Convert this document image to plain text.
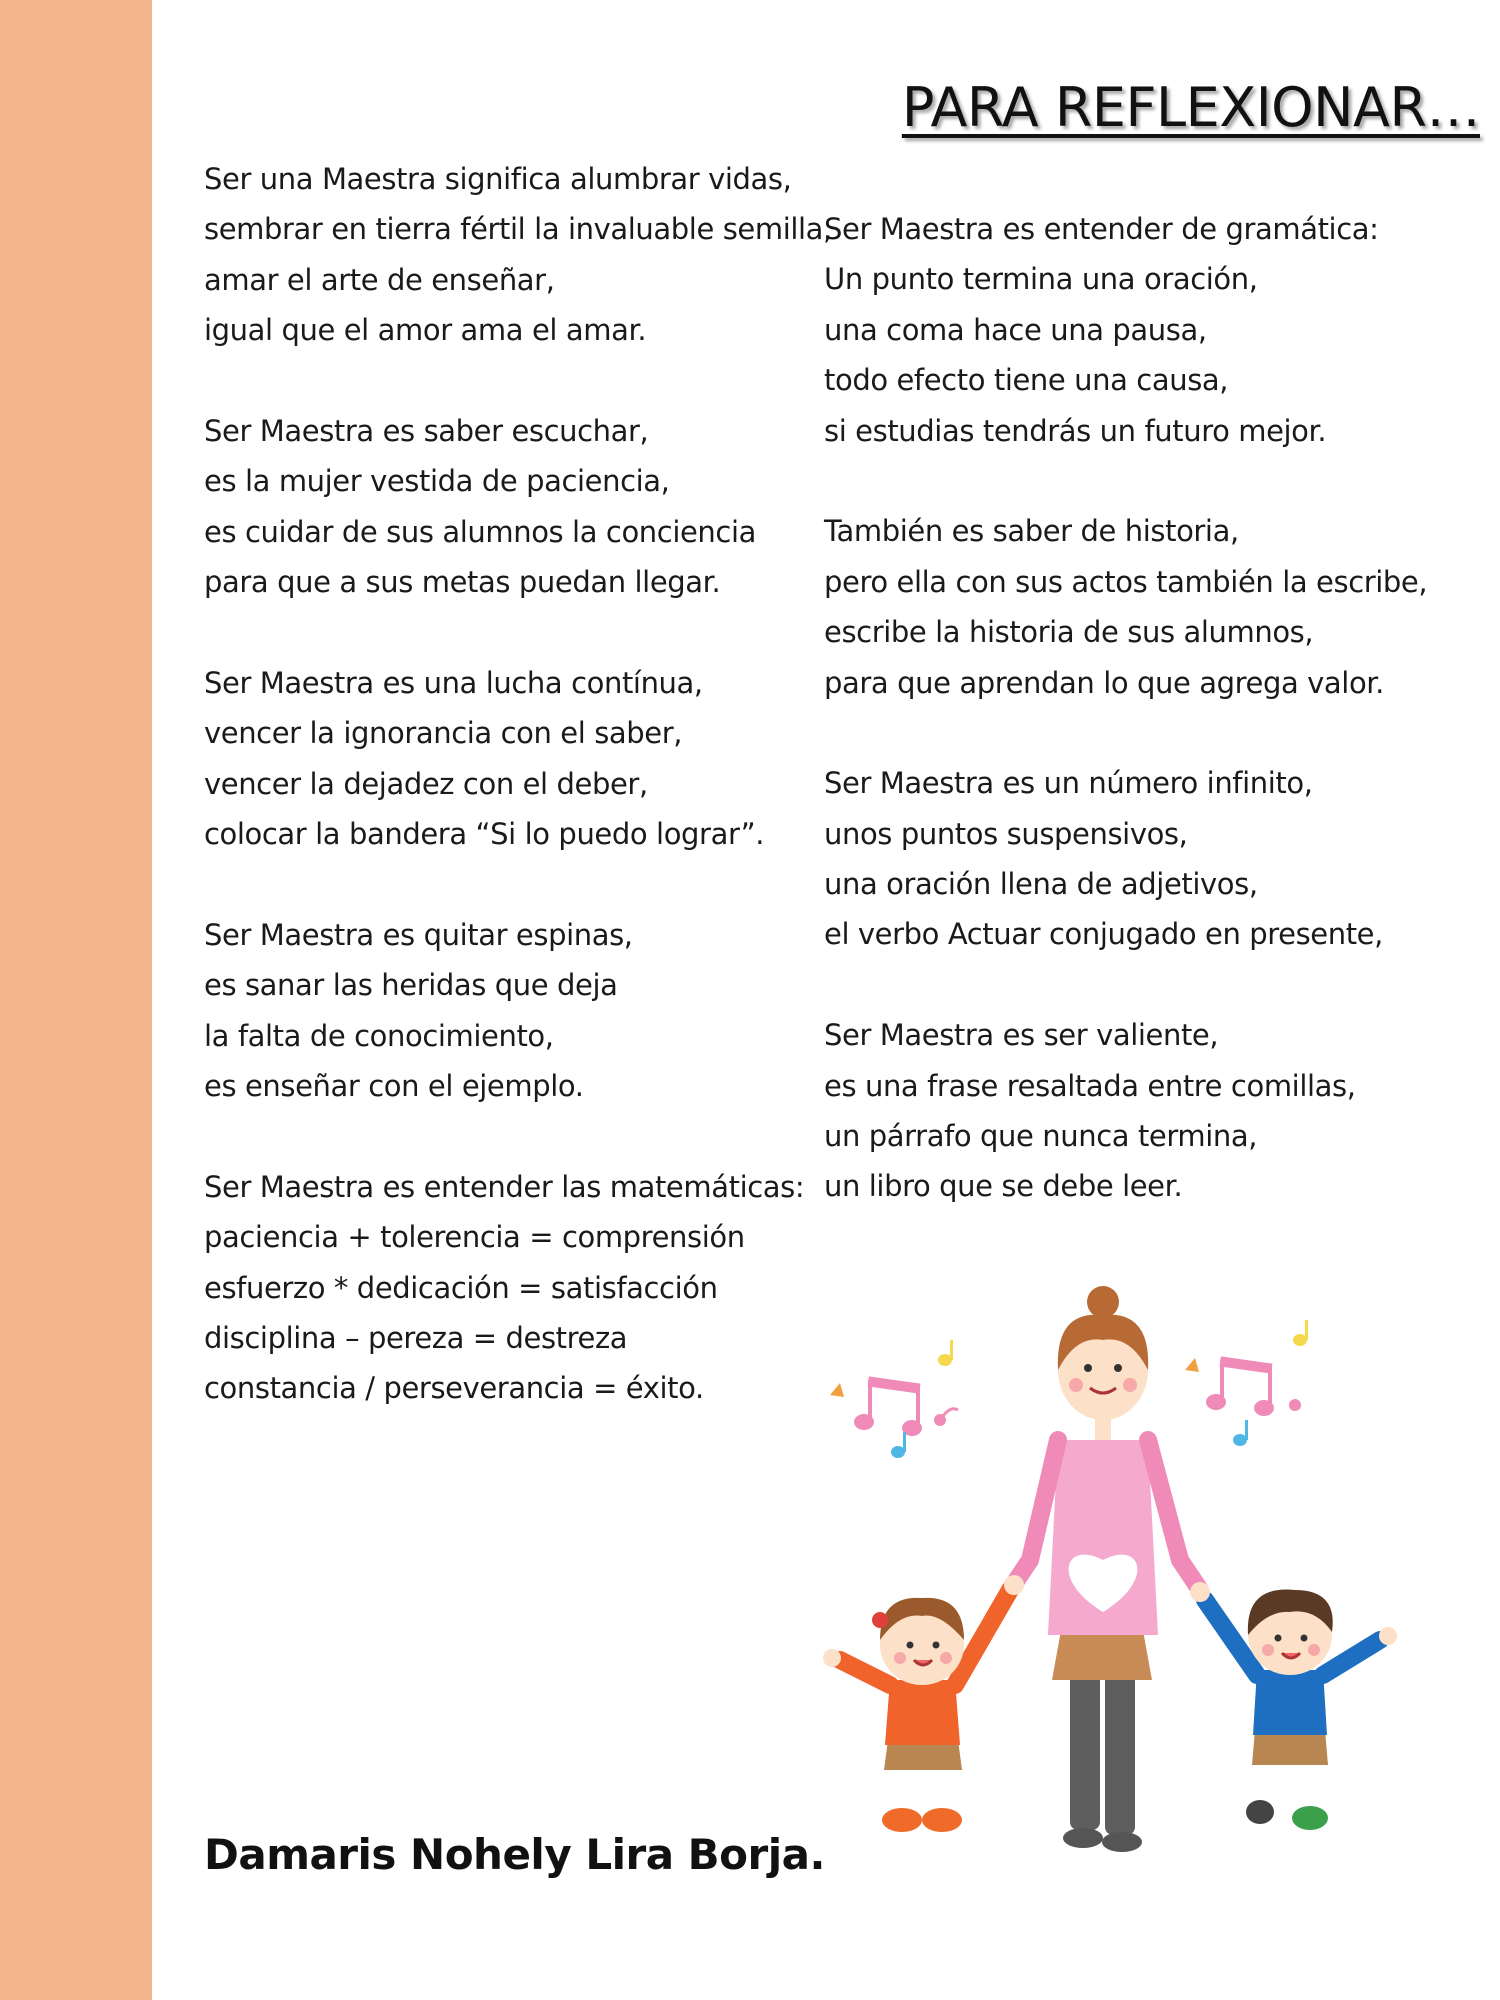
PARA REFLEXIONAR…
Ser una Maestra significa alumbrar vidas,
sembrar en tierra fértil la invaluable semilla,
amar el arte de enseñar,
igual que el amor ama el amar.
Ser Maestra es saber escuchar,
es la mujer vestida de paciencia,
es cuidar de sus alumnos la conciencia
para que a sus metas puedan llegar.
Ser Maestra es una lucha contínua,
vencer la ignorancia con el saber,
vencer la dejadez con el deber,
colocar la bandera “Si lo puedo lograr”.
Ser Maestra es quitar espinas,
es sanar las heridas que deja
la falta de conocimiento,
es enseñar con el ejemplo.
Ser Maestra es entender las matemáticas:
paciencia + tolerencia = comprensión
esfuerzo * dedicación = satisfacción
disciplina – pereza = destreza
constancia / perseverancia = éxito.
Ser Maestra es entender de gramática:
Un punto termina una oración,
una coma hace una pausa,
todo efecto tiene una causa,
si estudias tendrás un futuro mejor.
También es saber de historia,
pero ella con sus actos también la escribe,
escribe la historia de sus alumnos,
para que aprendan lo que agrega valor.
Ser Maestra es un número infinito,
unos puntos suspensivos,
una oración llena de adjetivos,
el verbo Actuar conjugado en presente,
Ser Maestra es ser valiente,
es una frase resaltada entre comillas,
un párrafo que nunca termina,
un libro que se debe leer.
Damaris Nohely Lira Borja.
